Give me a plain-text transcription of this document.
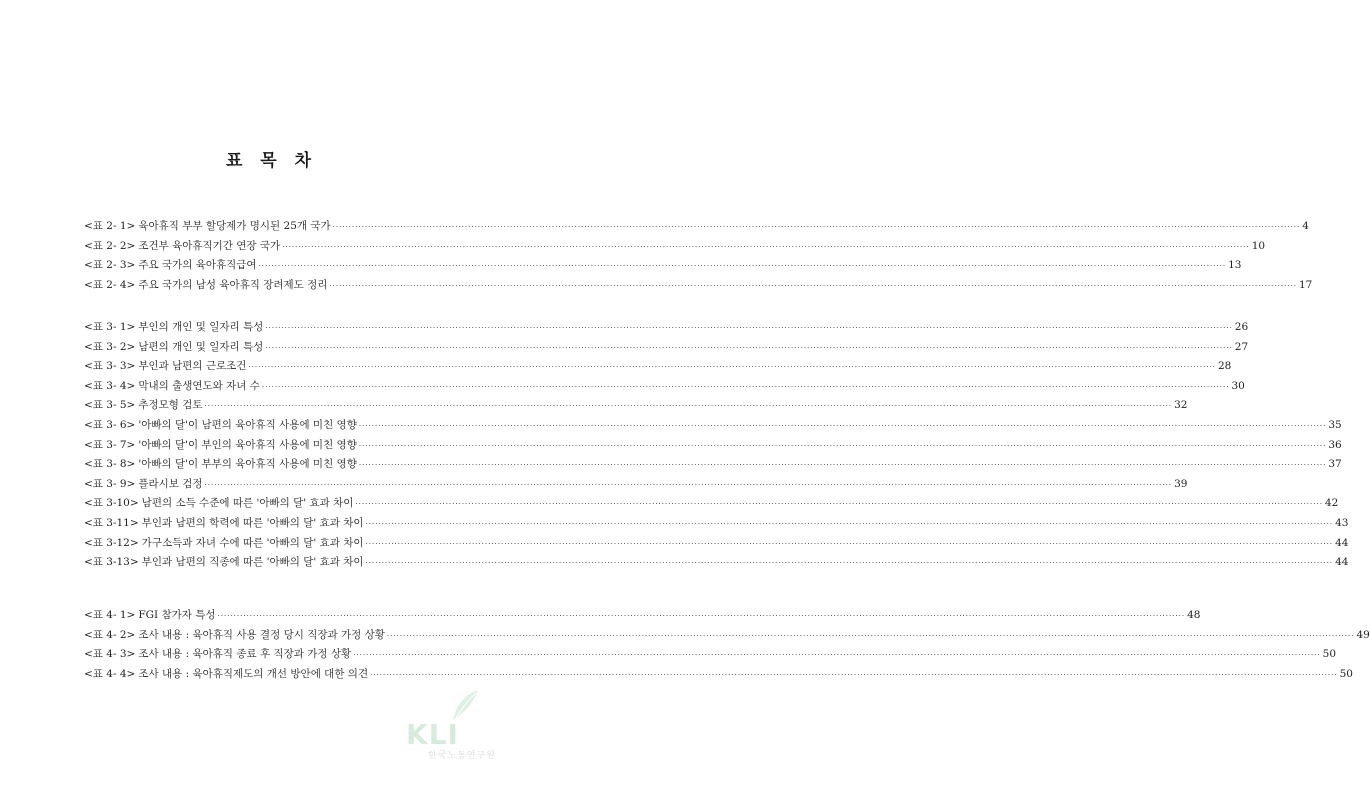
표 목 차
<표 2- 1> 육아휴직 부부 할당제가 명시된 25개 국가 ············································································································································································································································································································ 4
<표 2- 2> 조건부 육아휴직기간 연장 국가 ············································································································································································································································································································ 10
<표 2- 3> 주요 국가의 육아휴직급여 ············································································································································································································································································································ 13
<표 2- 4> 주요 국가의 남성 육아휴직 장려제도 정리 ············································································································································································································································································································ 17
<표 3- 1> 부인의 개인 및 일자리 특성 ············································································································································································································································································································ 26
<표 3- 2> 남편의 개인 및 일자리 특성 ············································································································································································································································································································ 27
<표 3- 3> 부인과 남편의 근로조건 ············································································································································································································································································································ 28
<표 3- 4> 막내의 출생연도와 자녀 수 ············································································································································································································································································································ 30
<표 3- 5> 추정모형 검토 ············································································································································································································································································································ 32
<표 3- 6> '아빠의 달'이 남편의 육아휴직 사용에 미친 영향 ············································································································································································································································································································ 35
<표 3- 7> '아빠의 달'이 부인의 육아휴직 사용에 미친 영향 ············································································································································································································································································································ 36
<표 3- 8> '아빠의 달'이 부부의 육아휴직 사용에 미친 영향 ············································································································································································································································································································ 37
<표 3- 9> 플라시보 검정 ············································································································································································································································································································ 39
<표 3-10> 남편의 소득 수준에 따른 '아빠의 달' 효과 차이 ············································································································································································································································································································ 42
<표 3-11> 부인과 남편의 학력에 따른 '아빠의 달' 효과 차이 ············································································································································································································································································································ 43
<표 3-12> 가구소득과 자녀 수에 따른 '아빠의 달' 효과 차이 ············································································································································································································································································································ 44
<표 3-13> 부인과 남편의 직종에 따른 '아빠의 달' 효과 차이 ············································································································································································································································································································ 44
<표 4- 1> FGI 참가자 특성 ············································································································································································································································································································ 48
<표 4- 2> 조사 내용 : 육아휴직 사용 결정 당시 직장과 가정 상황 ············································································································································································································································································································ 49
<표 4- 3> 조사 내용 : 육아휴직 종료 후 직장과 가정 상황 ············································································································································································································································································································ 50
<표 4- 4> 조사 내용 : 육아휴직제도의 개선 방안에 대한 의견 ············································································································································································································································································································ 50
KLI
한국노동연구원
